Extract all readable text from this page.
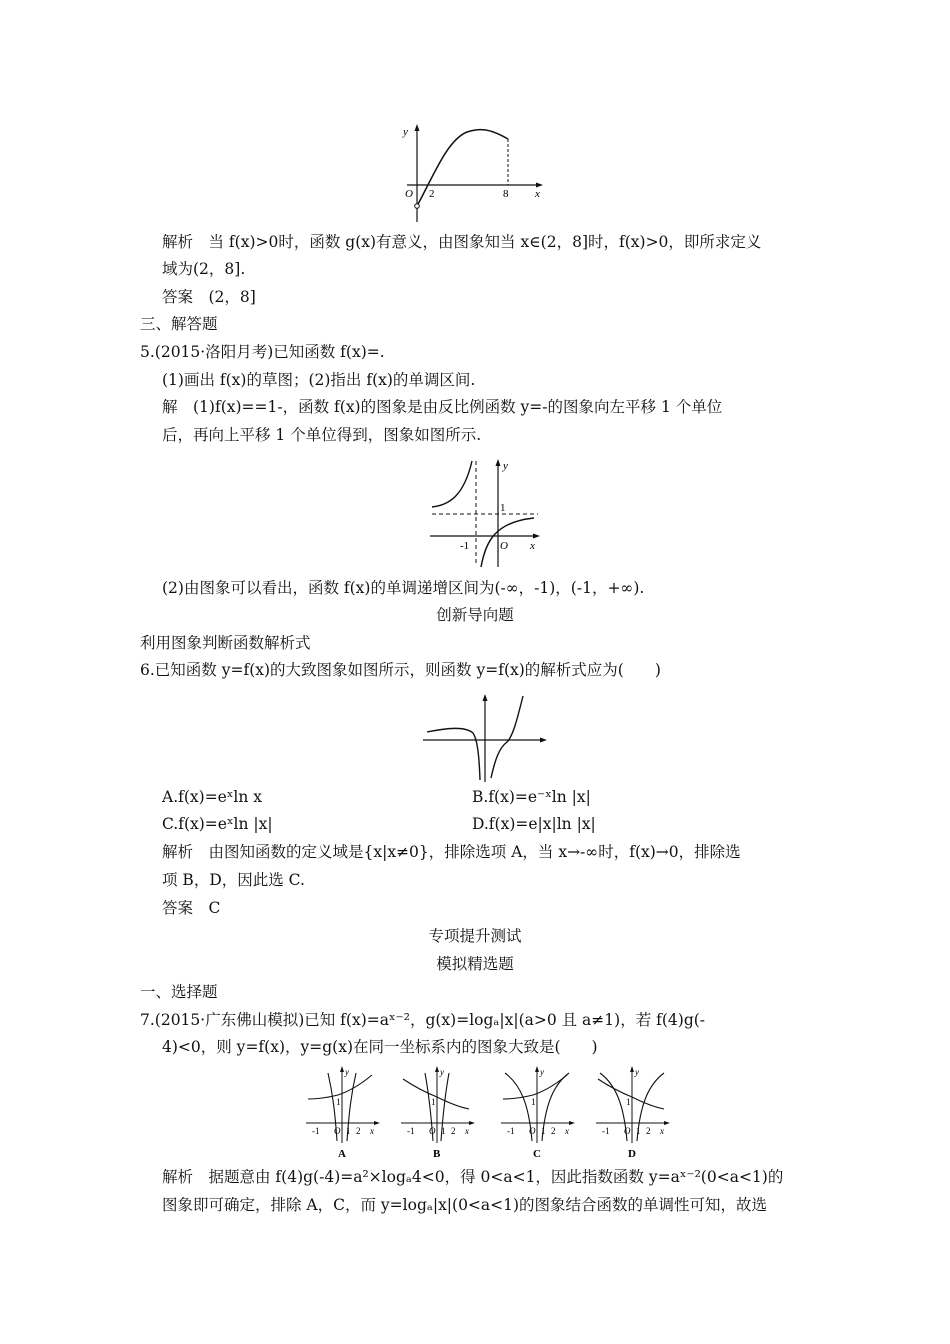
y
O 2	8 x
解析　当 f(x)>0时，函数 g(x)有意义，由图象知当 x∈(2，8]时，f(x)>0，即所求定义
域为(2，8].
答案　(2，8]
三、解答题
5.(2015·洛阳月考)已知函数 f(x)=.
(1)画出 f(x)的草图；(2)指出 f(x)的单调区间.
解　(1)f(x)==1-，函数 f(x)的图象是由反比例函数 y=-的图象向左平移 1 个单位
后，再向上平移 1 个单位得到，图象如图所示.
y
1
-1	O x
(2)由图象可以看出，函数 f(x)的单调递增区间为(-∞，-1)，(-1，+∞).
创新导向题
利用图象判断函数解析式
6.已知函数 y=f(x)的大致图象如图所示，则函数 y=f(x)的解析式应为(　　)
A.f(x)=eˣln x	B.f(x)=e⁻ˣln |x|
C.f(x)=eˣln |x|	D.f(x)=e|x|ln |x|
解析　由图知函数的定义域是{x|x≠0}，排除选项 A，当 x→-∞时，f(x)→0，排除选
项 B，D，因此选 C.
答案　C
专项提升测试
模拟精选题
一、选择题
7.(2015·广东佛山模拟)已知 f(x)=aˣ⁻²，g(x)=logₐ|x|(a>0 且 a≠1)，若 f(4)g(-
4)<0，则 y=f(x)，y=g(x)在同一坐标系内的图象大致是(　　)
y
1
-1 O 1 2 x
A
y
1
-1 O 1 2 x
B
y
1
-1 O 1 2 x
C
y
1
-1 O 1 2 x
D
解析　据题意由 f(4)g(-4)=a²×logₐ4<0，得 0<a<1，因此指数函数 y=aˣ⁻²(0<a<1)的
图象即可确定，排除 A，C，而 y=logₐ|x|(0<a<1)的图象结合函数的单调性可知，故选
